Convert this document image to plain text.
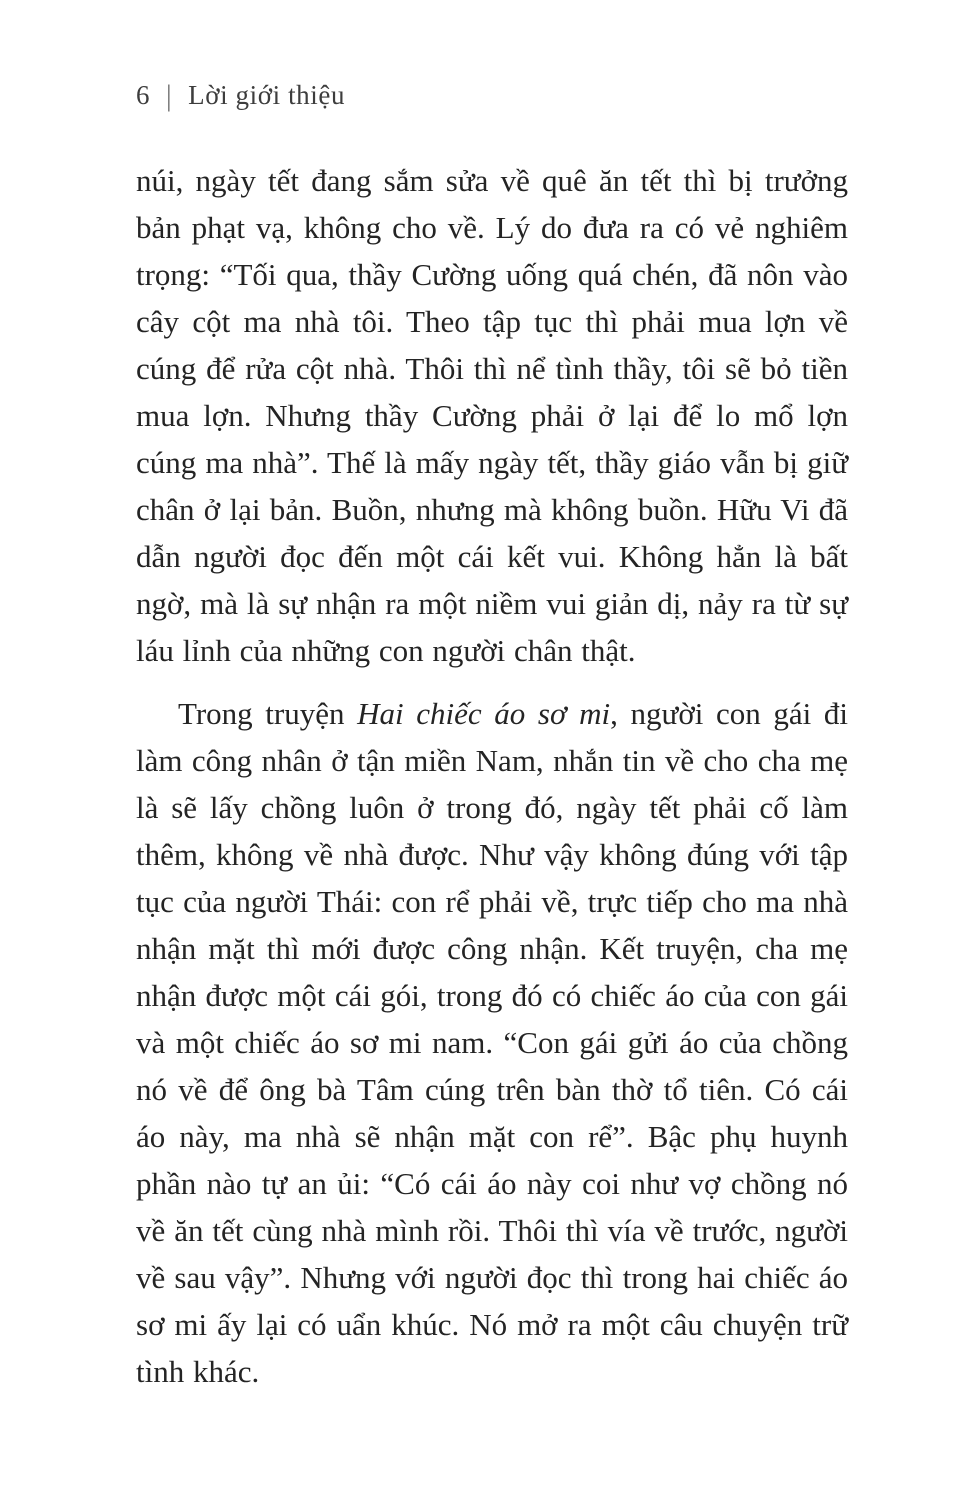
6 | Lời giới thiệu

núi, ngày tết đang sắm sửa về quê ăn tết thì bị trưởng bản phạt vạ, không cho về. Lý do đưa ra có vẻ nghiêm trọng: “Tối qua, thầy Cường uống quá chén, đã nôn vào cây cột ma nhà tôi. Theo tập tục thì phải mua lợn về cúng để rửa cột nhà. Thôi thì nể tình thầy, tôi sẽ bỏ tiền mua lợn. Nhưng thầy Cường phải ở lại để lo mổ lợn cúng ma nhà”. Thế là mấy ngày tết, thầy giáo vẫn bị giữ chân ở lại bản. Buồn, nhưng mà không buồn. Hữu Vi đã dẫn người đọc đến một cái kết vui. Không hẳn là bất ngờ, mà là sự nhận ra một niềm vui giản dị, nảy ra từ sự láu lỉnh của những con người chân thật.

Trong truyện Hai chiếc áo sơ mi, người con gái đi làm công nhân ở tận miền Nam, nhắn tin về cho cha mẹ là sẽ lấy chồng luôn ở trong đó, ngày tết phải cố làm thêm, không về nhà được. Như vậy không đúng với tập tục của người Thái: con rể phải về, trực tiếp cho ma nhà nhận mặt thì mới được công nhận. Kết truyện, cha mẹ nhận được một cái gói, trong đó có chiếc áo của con gái và một chiếc áo sơ mi nam. “Con gái gửi áo của chồng nó về để ông bà Tâm cúng trên bàn thờ tổ tiên. Có cái áo này, ma nhà sẽ nhận mặt con rể”. Bậc phụ huynh phần nào tự an ủi: “Có cái áo này coi như vợ chồng nó về ăn tết cùng nhà mình rồi. Thôi thì vía về trước, người về sau vậy”. Nhưng với người đọc thì trong hai chiếc áo sơ mi ấy lại có uẩn khúc. Nó mở ra một câu chuyện trữ tình khác.
